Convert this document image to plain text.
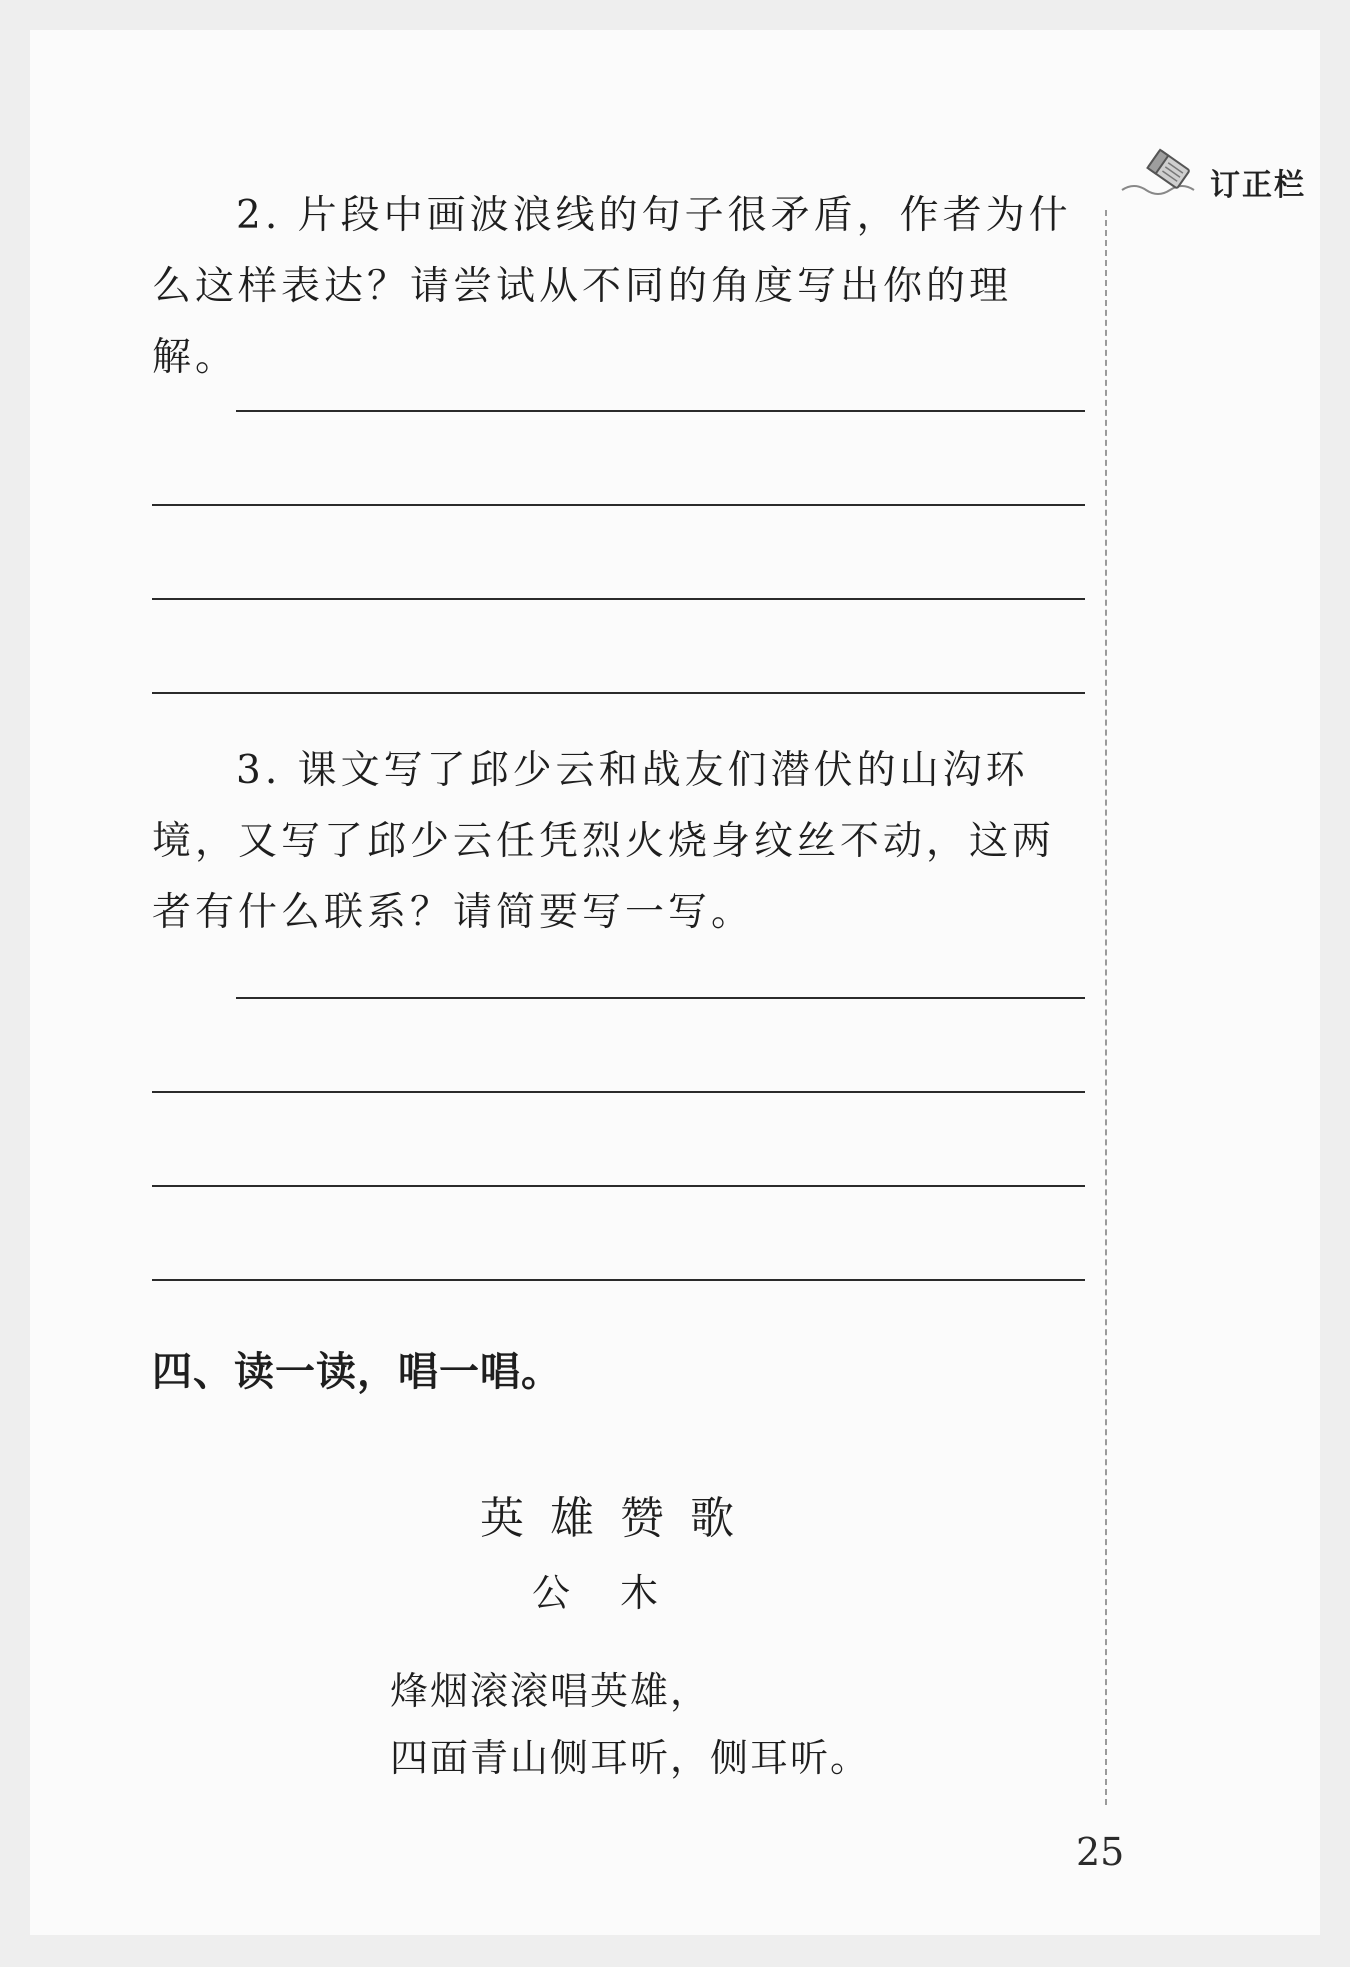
订正栏

2. 片段中画波浪线的句子很矛盾，作者为什么这样表达？请尝试从不同的角度写出你的理解。

3. 课文写了邱少云和战友们潜伏的山沟环境，又写了邱少云任凭烈火烧身纹丝不动，这两者有什么联系？请简要写一写。

四、读一读，唱一唱。

英雄赞歌

公木

烽烟滚滚唱英雄，

四面青山侧耳听，侧耳听。

25
